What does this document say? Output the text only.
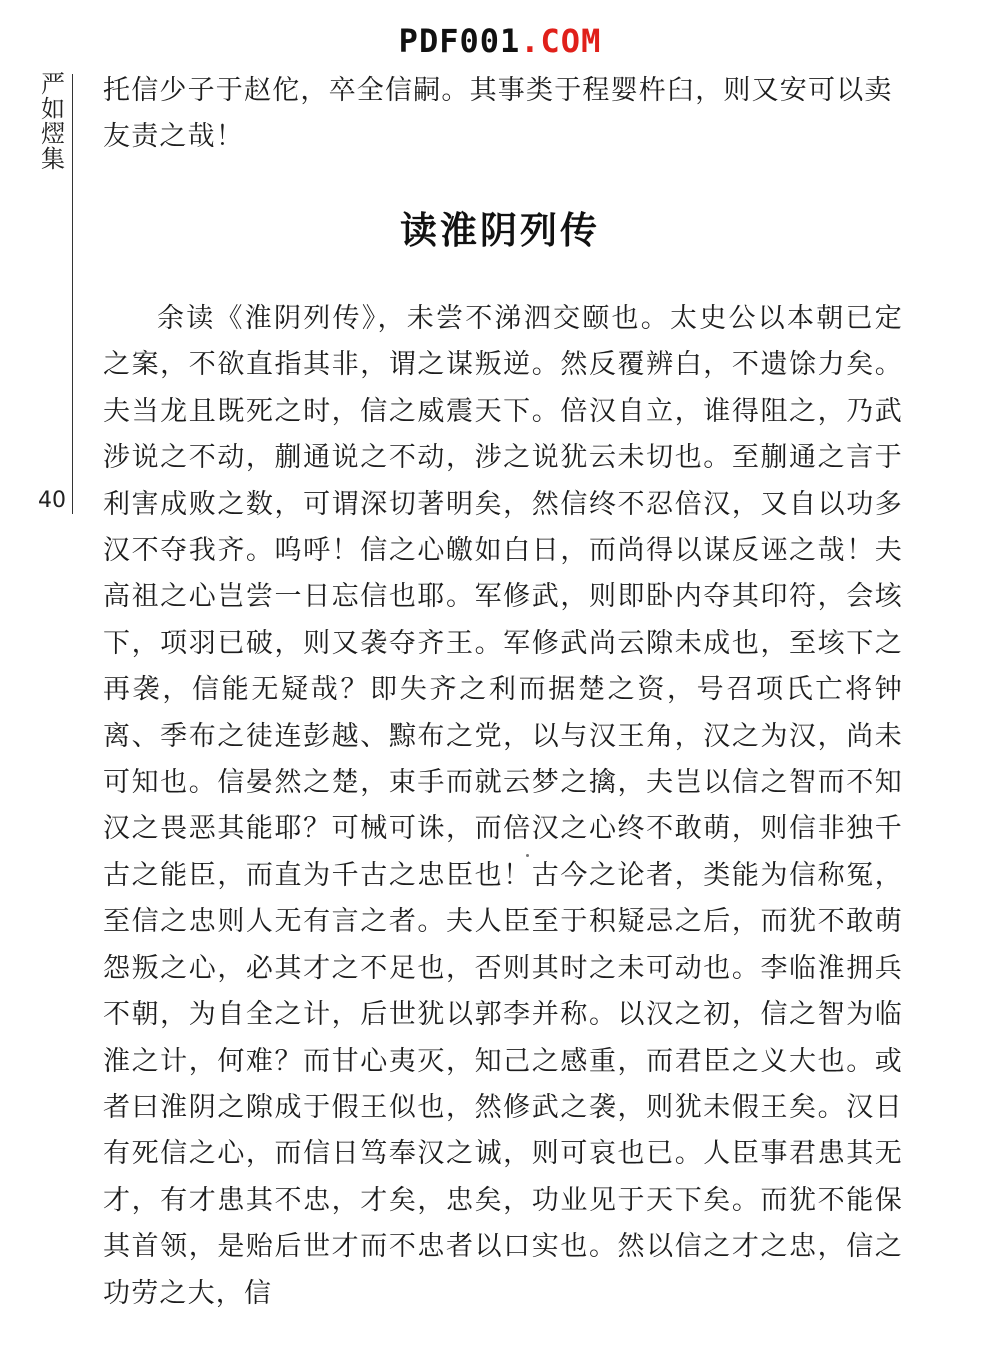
PDF001.COM
严
如
熤
集
40
托信少子于赵佗，卒全信嗣。其事类于程婴杵臼，则又安可以卖友责之哉！
读淮阴列传
余读《淮阴列传》，未尝不涕泗交颐也。太史公以本朝已定之案，不欲直指其非，谓之谋叛逆。然反覆辨白，不遗馀力矣。夫当龙且既死之时，信之威震天下。倍汉自立，谁得阻之，乃武涉说之不动，蒯通说之不动，涉之说犹云未切也。至蒯通之言于利害成败之数，可谓深切著明矣，然信终不忍倍汉，又自以功多汉不夺我齐。呜呼！信之心皦如白日，而尚得以谋反诬之哉！夫高祖之心岂尝一日忘信也耶。军修武，则即卧内夺其印符，会垓下，项羽已破，则又袭夺齐王。军修武尚云隙未成也，至垓下之再袭，信能无疑哉？即失齐之利而据楚之资，号召项氏亡将钟离、季布之徒连彭越、黥布之党，以与汉王角，汉之为汉，尚未可知也。信晏然之楚，束手而就云梦之擒，夫岂以信之智而不知汉之畏恶其能耶？可械可诛，而倍汉之心终不敢萌，则信非独千古之能臣，而直为千古之忠臣也！古今之论者，类能为信称冤，至信之忠则人无有言之者。夫人臣至于积疑忌之后，而犹不敢萌怨叛之心，必其才之不足也，否则其时之未可动也。李临淮拥兵不朝，为自全之计，后世犹以郭李并称。以汉之初，信之智为临淮之计，何难？而甘心夷灭，知己之感重，而君臣之义大也。或者曰淮阴之隙成于假王似也，然修武之袭，则犹未假王矣。汉日有死信之心，而信日笃奉汉之诚，则可哀也已。人臣事君患其无才，有才患其不忠，才矣，忠矣，功业见于天下矣。而犹不能保其首领，是贻后世才而不忠者以口实也。然以信之才之忠，信之功劳之大，信
